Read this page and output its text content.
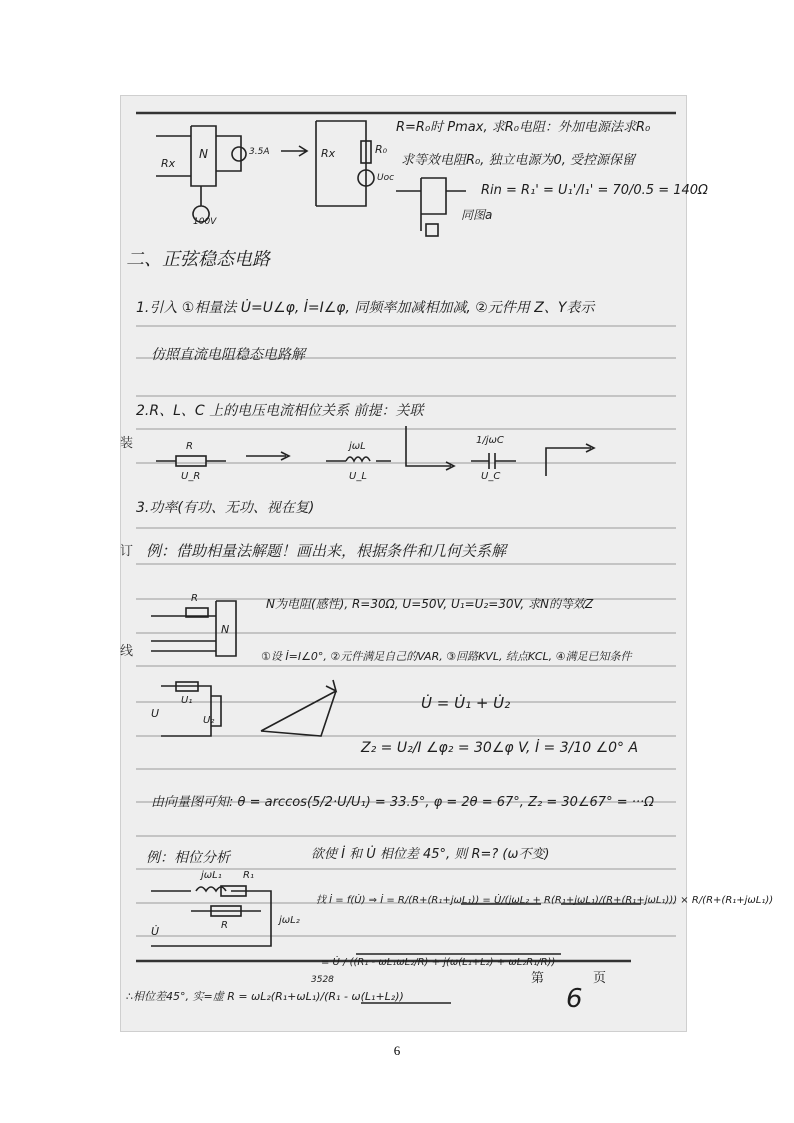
R=R₀时 Pmax, 求R₀电阻：外加电源法求R₀
求等效电阻R₀, 独立电源为0, 受控源保留
Rin = R₁' = U₁'/I₁' = 70/0.5 = 140Ω
同图a
二、正弦稳态电路
1.引入 ①相量法 U̇=U∠φ, İ=I∠φ, 同频率加减相加减, ②元件用 Z、Y表示
仿照直流电阻稳态电路解
2.R、L、C 上的电压电流相位关系 前提：关联
3.功率(有功、无功、视在复)
例：借助相量法解题！画出来，根据条件和几何关系解
N为电阻(感性), R=30Ω, U=50V, U₁=U₂=30V, 求N的等效Z
①设 İ=I∠0°, ②元件满足自己的VAR, ③回路KVL, 结点KCL, ④满足已知条件
U̇ = U̇₁ + U̇₂
Z₂ = U₂/I ∠φ₂ = 30∠φ V, İ = 3/10 ∠0° A
由向量图可知: θ = arccos(5/2·U/U₁) = 33.5°, φ = 2θ = 67°, Z₂ = 30∠67° = ···Ω
例：相位分析	欲使 İ 和 U̇ 相位差 45°, 则 R=? (ω不变)
找 İ = f(U̇) ⇒ İ = R/(R+(R₁+jωL₁)) = U̇/(jωL₂ + R(R₁+jωL₁)/(R+(R₁+jωL₁))) × R/(R+(R₁+jωL₁))
= U̇ / ((R₁ - ωL₁ωL₂/R) + j(ω(L₁+L₂) + ωL₂R₁/R))
∴相位差45°, 实=虚 R = ωL₂(R₁+ωL₁)/(R₁ - ω(L₁+L₂))
3528
Rx
N	3.5A
100V
Rx	R₀
Uoc
R
U_R	U_L
jωL
U_C
1/jωC
R
N
U
U₁
U₂
jωL₁ R₁
R	jωL₂
U̇
第	页
6
装
订
线
6
